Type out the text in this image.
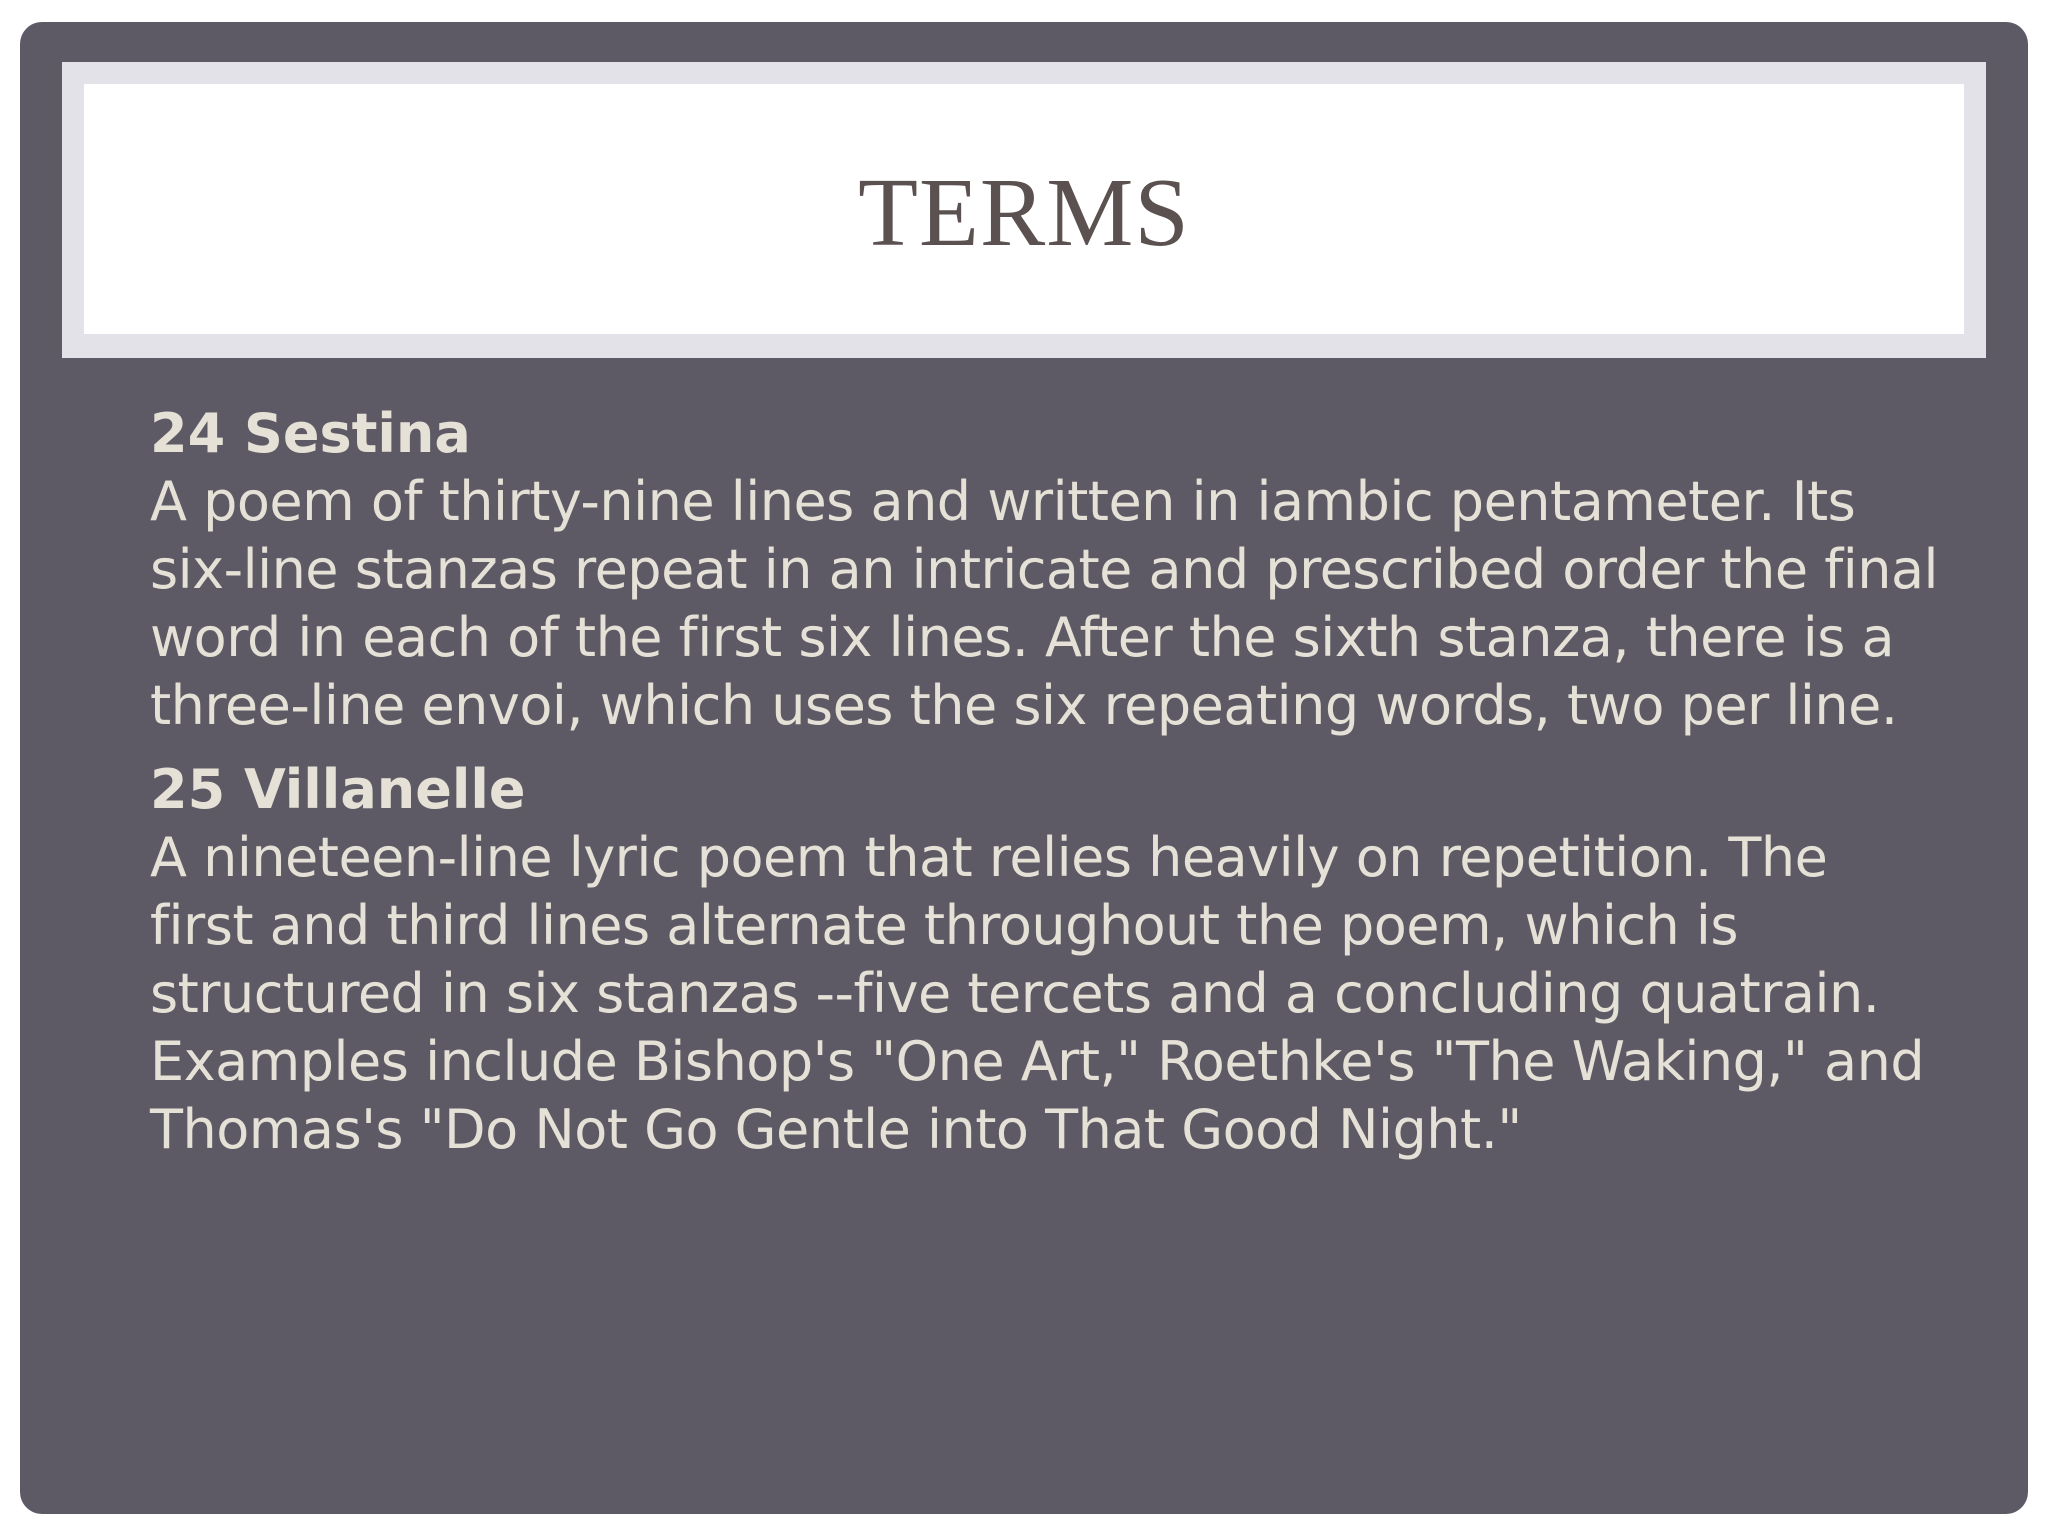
TERMS
24 Sestina
A poem of thirty-nine lines and written in iambic pentameter. Its six-line stanzas repeat in an intricate and prescribed order the final word in each of the first six lines. After the sixth stanza, there is a three-line envoi, which uses the six repeating words, two per line.
25 Villanelle
A nineteen-line lyric poem that relies heavily on repetition. The first and third lines alternate throughout the poem, which is structured in six stanzas --five tercets and a concluding quatrain. Examples include Bishop's "One Art," Roethke's "The Waking," and Thomas's "Do Not Go Gentle into That Good Night."
